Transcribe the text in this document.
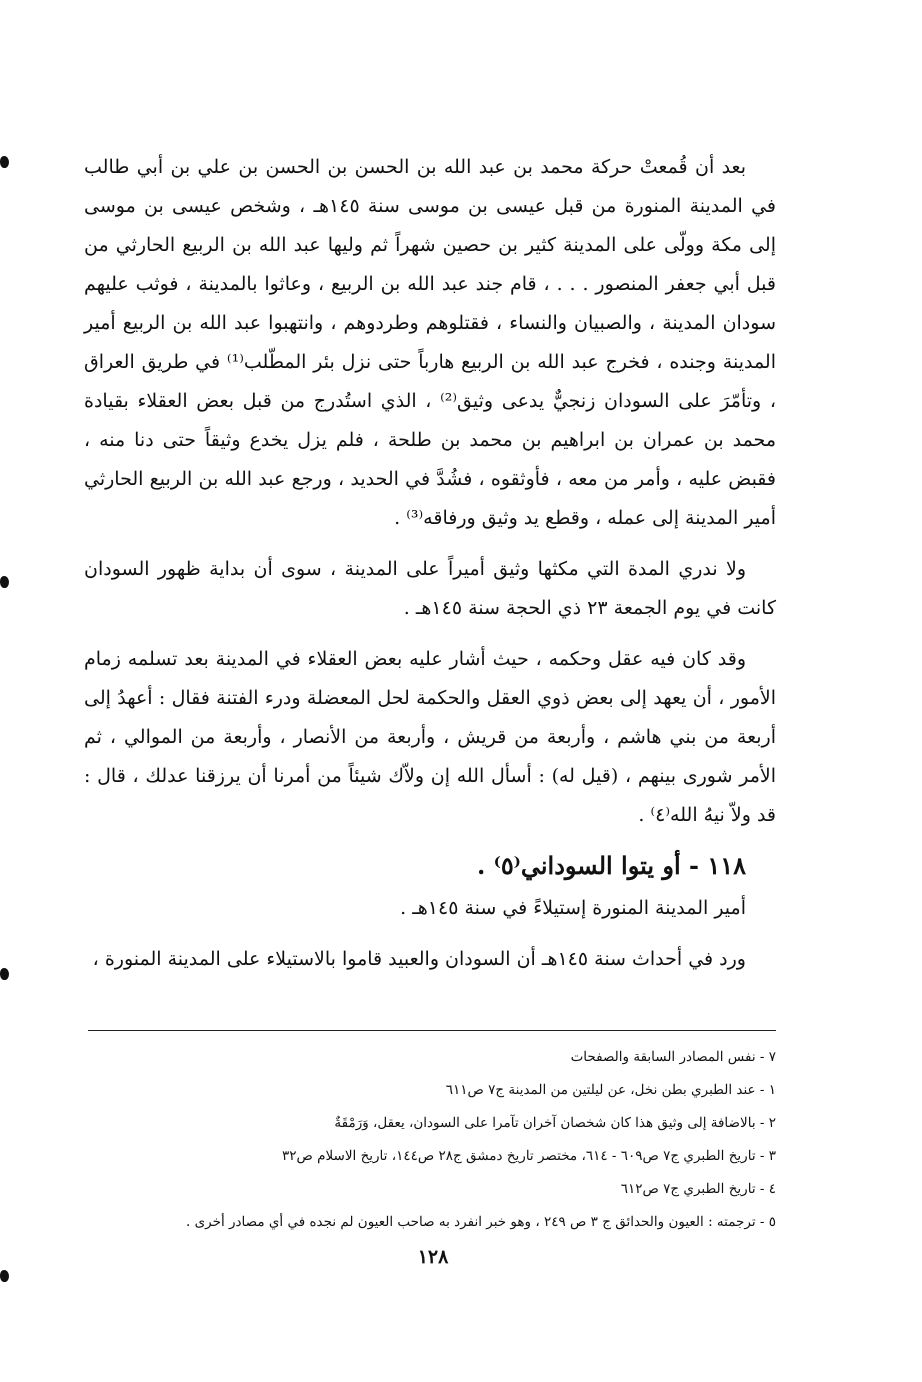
بعد أن قُمعتْ حركة محمد بن عبد الله بن الحسن بن الحسن بن علي بن أبي طالب في المدينة المنورة من قبل عيسى بن موسى سنة ١٤٥هـ ، وشخص عيسى بن موسى إلى مكة وولّى على المدينة كثير بن حصين شهراً ثم وليها عبد الله بن الربيع الحارثي من قبل أبي جعفر المنصور . . . ، قام جند عبد الله بن الربيع ، وعاثوا بالمدينة ، فوثب عليهم سودان المدينة ، والصبيان والنساء ، فقتلوهم وطردوهم ، وانتهبوا عبد الله بن الربيع أمير المدينة وجنده ، فخرج عبد الله بن الربيع هارباً حتى نزل بئر المطّلب⁽¹⁾ في طريق العراق ، وتأمّرَ على السودان زنجيٌّ يدعى وثيق⁽²⁾ ، الذي استُدرج من قبل بعض العقلاء بقيادة محمد بن عمران بن ابراهيم بن محمد بن طلحة ، فلم يزل يخدع وثيقاً حتى دنا منه ، فقبض عليه ، وأمر من معه ، فأوثقوه ، فشُدَّ في الحديد ، ورجع عبد الله بن الربيع الحارثي أمير المدينة إلى عمله ، وقطع يد وثيق ورفاقه⁽³⁾ .

ولا ندري المدة التي مكثها وثيق أميراً على المدينة ، سوى أن بداية ظهور السودان كانت في يوم الجمعة ٢٣ ذي الحجة سنة ١٤٥هـ .

وقد كان فيه عقل وحكمه ، حيث أشار عليه بعض العقلاء في المدينة بعد تسلمه زمام الأمور ، أن يعهد إلى بعض ذوي العقل والحكمة لحل المعضلة ودرء الفتنة فقال : أعهدُ إلى أربعة من بني هاشم ، وأربعة من قريش ، وأربعة من الأنصار ، وأربعة من الموالي ، ثم الأمر شورى بينهم ، (قيل له) : أسأل الله إن ولاّك شيئاً من أمرنا أن يرزقنا عدلك ، قال : قد ولاّ نيهُ الله⁽٤⁾ .

١١٨ - أو يتوا السوداني⁽٥⁾ .

أمير المدينة المنورة إستيلاءً في سنة ١٤٥هـ .

ورد في أحداث سنة ١٤٥هـ أن السودان والعبيد قاموا بالاستيلاء على المدينة المنورة ،

٧ - نفس المصادر السابقة والصفحات

١ - عند الطبري بطن نخل، عن ليلتين من المدينة ج٧ ص٦١١

٢ - بالاضافة إلى وثيق هذا كان شخصان آخران تآمرا على السودان، يعقل، وَرَمْقَةٌ

٣ - تاريخ الطبري ج٧ ص٦٠٩ - ٦١٤، مختصر تاريخ دمشق ج٢٨ ص١٤٤، تاريخ الاسلام ص٣٢

٤ - تاريخ الطبري ج٧ ص٦١٢

٥ - ترجمته : العيون والحدائق ج ٣ ص ٢٤٩ ، وهو خبر انفرد به صاحب العيون لم نجده في أي مصادر أخرى .

١٢٨
